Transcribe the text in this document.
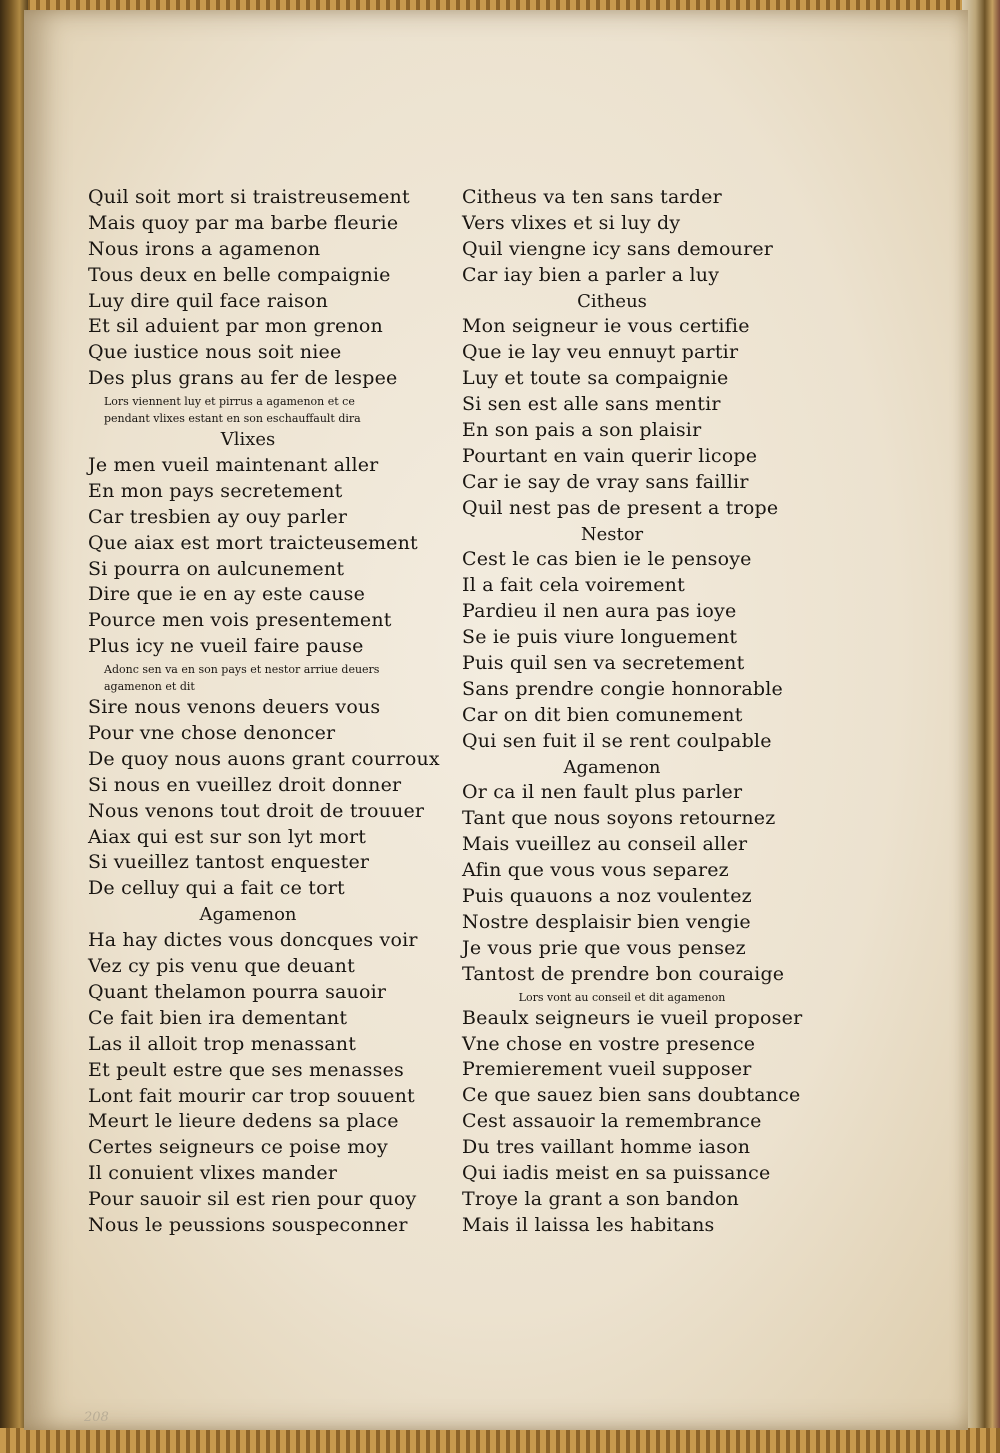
Quil soit mort si traistreusement
Mais quoy par ma barbe fleurie
Nous irons a agamenon
Tous deux en belle compaignie
Luy dire quil face raison
Et sil aduient par mon grenon
Que iustice nous soit niee
Des plus grans au fer de lespee
Lors viennent luy et pirrus a agamenon et ce
pendant vlixes estant en son eschauffault dira
Vlixes
Je men vueil maintenant aller
En mon pays secretement
Car tresbien ay ouy parler
Que aiax est mort traicteusement
Si pourra on aulcunement
Dire que ie en ay este cause
Pource men vois presentement
Plus icy ne vueil faire pause
Adonc sen va en son pays et nestor arriue deuers
agamenon et dit
Sire nous venons deuers vous
Pour vne chose denoncer
De quoy nous auons grant courroux
Si nous en vueillez droit donner
Nous venons tout droit de trouuer
Aiax qui est sur son lyt mort
Si vueillez tantost enquester
De celluy qui a fait ce tort
Agamenon
Ha hay dictes vous doncques voir
Vez cy pis venu que deuant
Quant thelamon pourra sauoir
Ce fait bien ira dementant
Las il alloit trop menassant
Et peult estre que ses menasses
Lont fait mourir car trop souuent
Meurt le lieure dedens sa place
Certes seigneurs ce poise moy
Il conuient vlixes mander
Pour sauoir sil est rien pour quoy
Nous le peussions souspeconner
Citheus va ten sans tarder
Vers vlixes et si luy dy
Quil viengne icy sans demourer
Car iay bien a parler a luy
Citheus
Mon seigneur ie vous certifie
Que ie lay veu ennuyt partir
Luy et toute sa compaignie
Si sen est alle sans mentir
En son pais a son plaisir
Pourtant en vain querir licope
Car ie say de vray sans faillir
Quil nest pas de present a trope
Nestor
Cest le cas bien ie le pensoye
Il a fait cela voirement
Pardieu il nen aura pas ioye
Se ie puis viure longuement
Puis quil sen va secretement
Sans prendre congie honnorable
Car on dit bien comunement
Qui sen fuit il se rent coulpable
Agamenon
Or ca il nen fault plus parler
Tant que nous soyons retournez
Mais vueillez au conseil aller
Afin que vous vous separez
Puis quauons a noz voulentez
Nostre desplaisir bien vengie
Je vous prie que vous pensez
Tantost de prendre bon couraige
Lors vont au conseil et dit agamenon
Beaulx seigneurs ie vueil proposer
Vne chose en vostre presence
Premierement vueil supposer
Ce que sauez bien sans doubtance
Cest assauoir la remembrance
Du tres vaillant homme iason
Qui iadis meist en sa puissance
Troye la grant a son bandon
Mais il laissa les habitans
208
